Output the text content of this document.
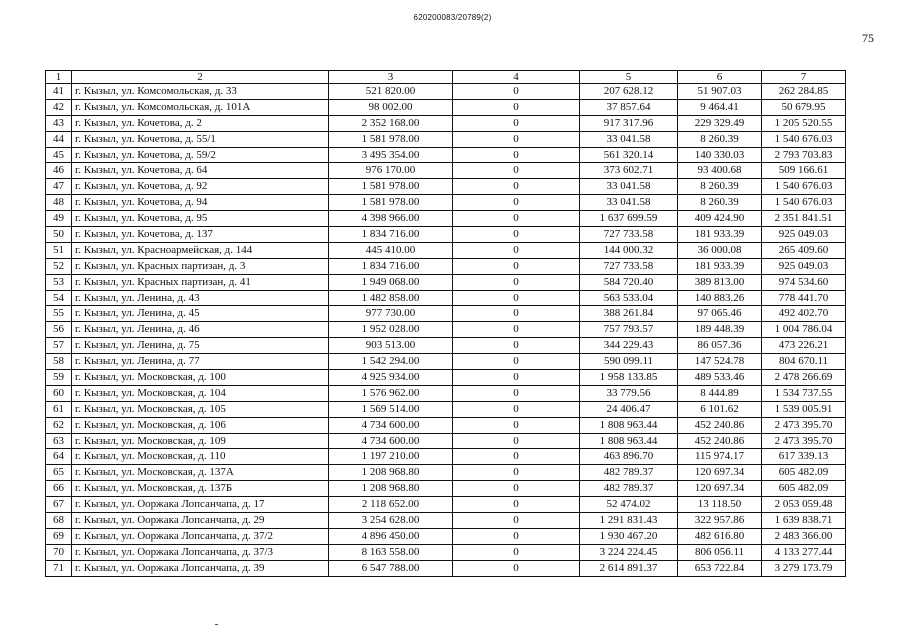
620200083/20789(2)
75
1	2	3	4	5	6	7
41	г. Кызыл, ул. Комсомольская, д. 33	521 820.00	0	207 628.12	51 907.03	262 284.85
42	г. Кызыл, ул. Комсомольская, д. 101А	98 002.00	0	37 857.64	9 464.41	50 679.95
43	г. Кызыл, ул. Кочетова, д. 2	2 352 168.00	0	917 317.96	229 329.49	1 205 520.55
44	г. Кызыл, ул. Кочетова, д. 55/1	1 581 978.00	0	33 041.58	8 260.39	1 540 676.03
45	г. Кызыл, ул. Кочетова, д. 59/2	3 495 354.00	0	561 320.14	140 330.03	2 793 703.83
46	г. Кызыл, ул. Кочетова, д. 64	976 170.00	0	373 602.71	93 400.68	509 166.61
47	г. Кызыл, ул. Кочетова, д. 92	1 581 978.00	0	33 041.58	8 260.39	1 540 676.03
48	г. Кызыл, ул. Кочетова, д. 94	1 581 978.00	0	33 041.58	8 260.39	1 540 676.03
49	г. Кызыл, ул. Кочетова, д. 95	4 398 966.00	0	1 637 699.59	409 424.90	2 351 841.51
50	г. Кызыл, ул. Кочетова, д. 137	1 834 716.00	0	727 733.58	181 933.39	925 049.03
51	г. Кызыл, ул. Красноармейская, д. 144	445 410.00	0	144 000.32	36 000.08	265 409.60
52	г. Кызыл, ул. Красных партизан, д. 3	1 834 716.00	0	727 733.58	181 933.39	925 049.03
53	г. Кызыл, ул. Красных партизан, д. 41	1 949 068.00	0	584 720.40	389 813.00	974 534.60
54	г. Кызыл, ул. Ленина, д. 43	1 482 858.00	0	563 533.04	140 883.26	778 441.70
55	г. Кызыл, ул. Ленина, д. 45	977 730.00	0	388 261.84	97 065.46	492 402.70
56	г. Кызыл, ул. Ленина, д. 46	1 952 028.00	0	757 793.57	189 448.39	1 004 786.04
57	г. Кызыл, ул. Ленина, д. 75	903 513.00	0	344 229.43	86 057.36	473 226.21
58	г. Кызыл, ул. Ленина, д. 77	1 542 294.00	0	590 099.11	147 524.78	804 670.11
59	г. Кызыл, ул. Московская, д. 100	4 925 934.00	0	1 958 133.85	489 533.46	2 478 266.69
60	г. Кызыл, ул. Московская, д. 104	1 576 962.00	0	33 779.56	8 444.89	1 534 737.55
61	г. Кызыл, ул. Московская, д. 105	1 569 514.00	0	24 406.47	6 101.62	1 539 005.91
62	г. Кызыл, ул. Московская, д. 106	4 734 600.00	0	1 808 963.44	452 240.86	2 473 395.70
63	г. Кызыл, ул. Московская, д. 109	4 734 600.00	0	1 808 963.44	452 240.86	2 473 395.70
64	г. Кызыл, ул. Московская, д. 110	1 197 210.00	0	463 896.70	115 974.17	617 339.13
65	г. Кызыл, ул. Московская, д. 137А	1 208 968.80	0	482 789.37	120 697.34	605 482.09
66	г. Кызыл, ул. Московская, д. 137Б	1 208 968.80	0	482 789.37	120 697.34	605 482.09
67	г. Кызыл, ул. Ооржака Лопсанчапа, д. 17	2 118 652.00	0	52 474.02	13 118.50	2 053 059.48
68	г. Кызыл, ул. Ооржака Лопсанчапа, д. 29	3 254 628.00	0	1 291 831.43	322 957.86	1 639 838.71
69	г. Кызыл, ул. Ооржака Лопсанчапа, д. 37/2	4 896 450.00	0	1 930 467.20	482 616.80	2 483 366.00
70	г. Кызыл, ул. Ооржака Лопсанчапа, д. 37/3	8 163 558.00	0	3 224 224.45	806 056.11	4 133 277.44
71	г. Кызыл, ул. Ооржака Лопсанчапа, д. 39	6 547 788.00	0	2 614 891.37	653 722.84	3 279 173.79
